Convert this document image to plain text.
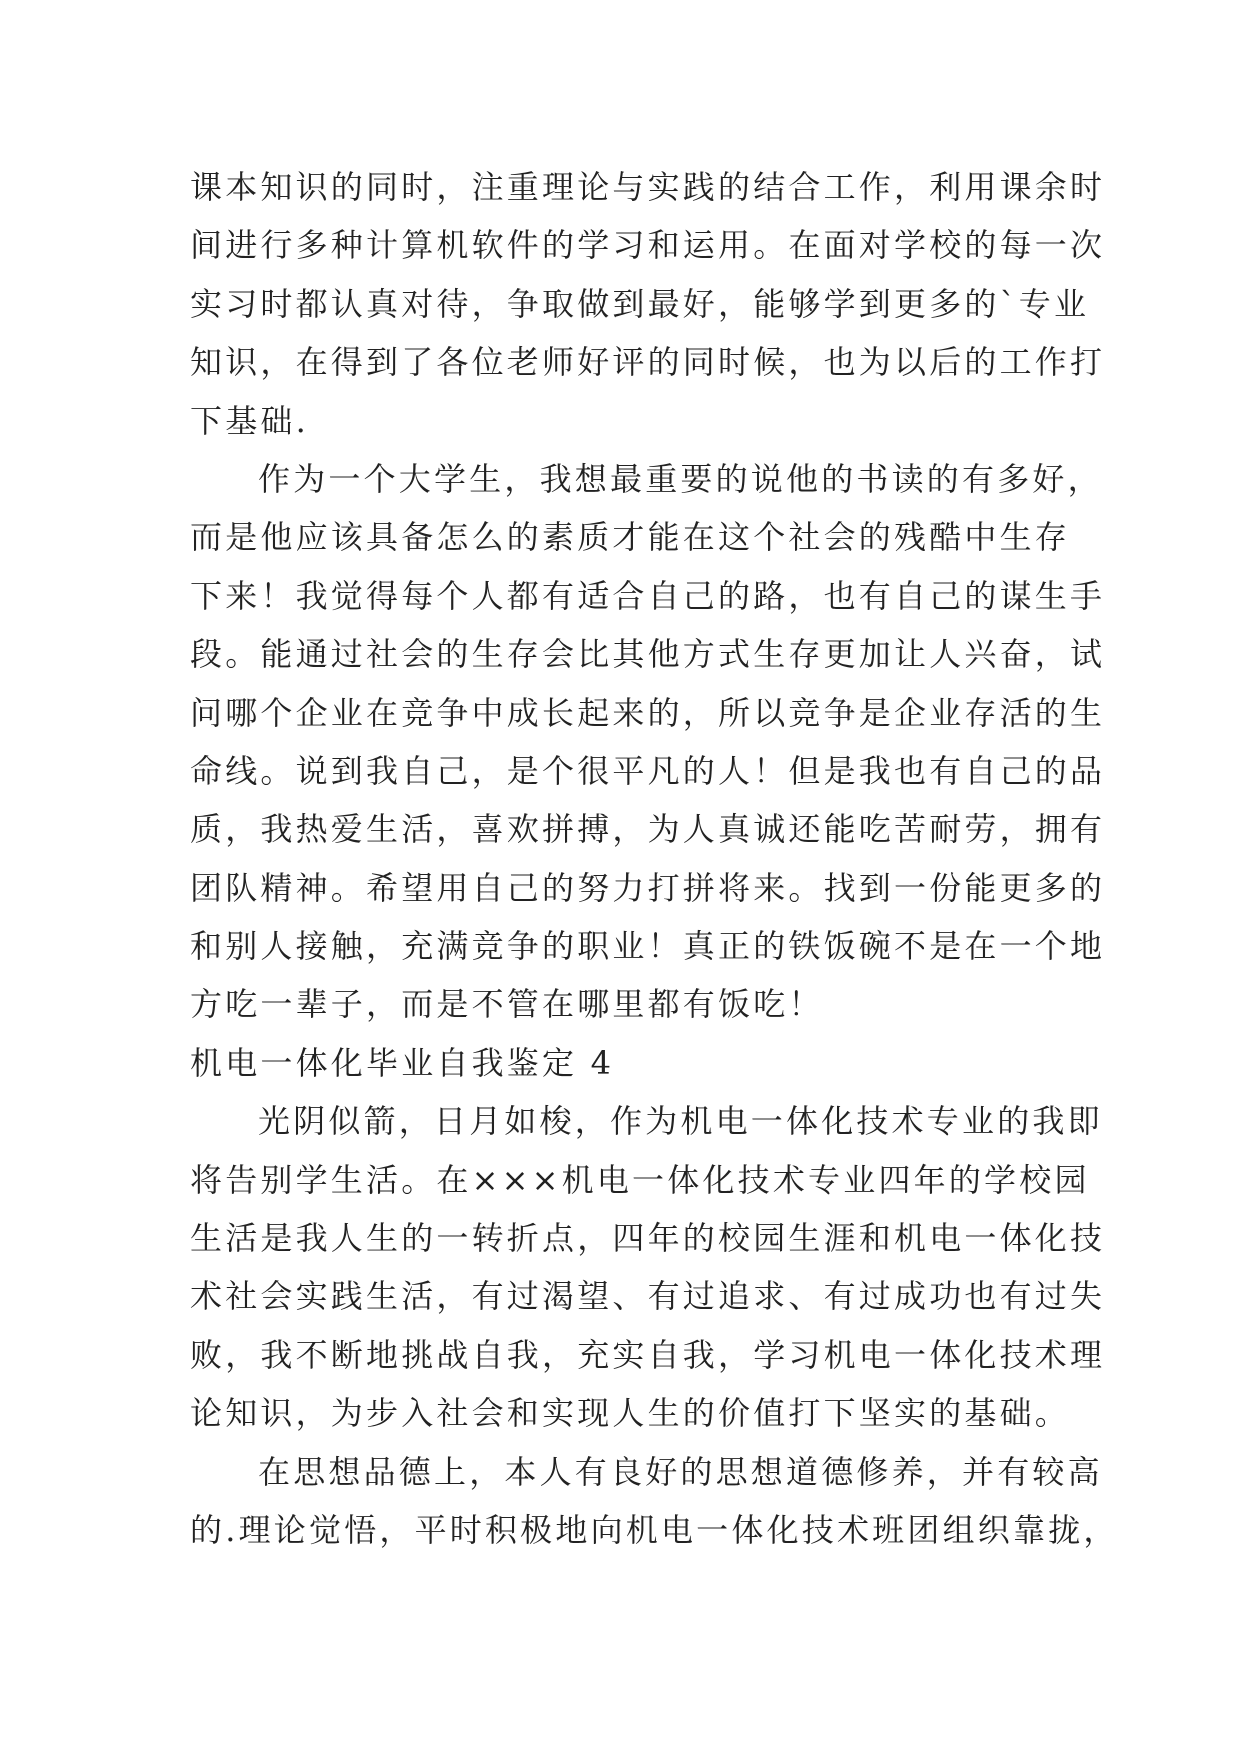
课本知识的同时，注重理论与实践的结合工作，利用课余时
间进行多种计算机软件的学习和运用。在面对学校的每一次
实习时都认真对待，争取做到最好，能够学到更多的`专业
知识，在得到了各位老师好评的同时候，也为以后的工作打
下基础.
作为一个大学生，我想最重要的说他的书读的有多好，
而是他应该具备怎么的素质才能在这个社会的残酷中生存
下来！我觉得每个人都有适合自己的路，也有自己的谋生手
段。能通过社会的生存会比其他方式生存更加让人兴奋，试
问哪个企业在竞争中成长起来的，所以竞争是企业存活的生
命线。说到我自己，是个很平凡的人！但是我也有自己的品
质，我热爱生活，喜欢拼搏，为人真诚还能吃苦耐劳，拥有
团队精神。希望用自己的努力打拼将来。找到一份能更多的
和别人接触，充满竞争的职业！真正的铁饭碗不是在一个地
方吃一辈子，而是不管在哪里都有饭吃！
机电一体化毕业自我鉴定 4
光阴似箭，日月如梭，作为机电一体化技术专业的我即
将告别学生活。在×××机电一体化技术专业四年的学校园
生活是我人生的一转折点，四年的校园生涯和机电一体化技
术社会实践生活，有过渴望、有过追求、有过成功也有过失
败，我不断地挑战自我，充实自我，学习机电一体化技术理
论知识，为步入社会和实现人生的价值打下坚实的基础。
在思想品德上，本人有良好的思想道德修养，并有较高
的.理论觉悟，平时积极地向机电一体化技术班团组织靠拢，
